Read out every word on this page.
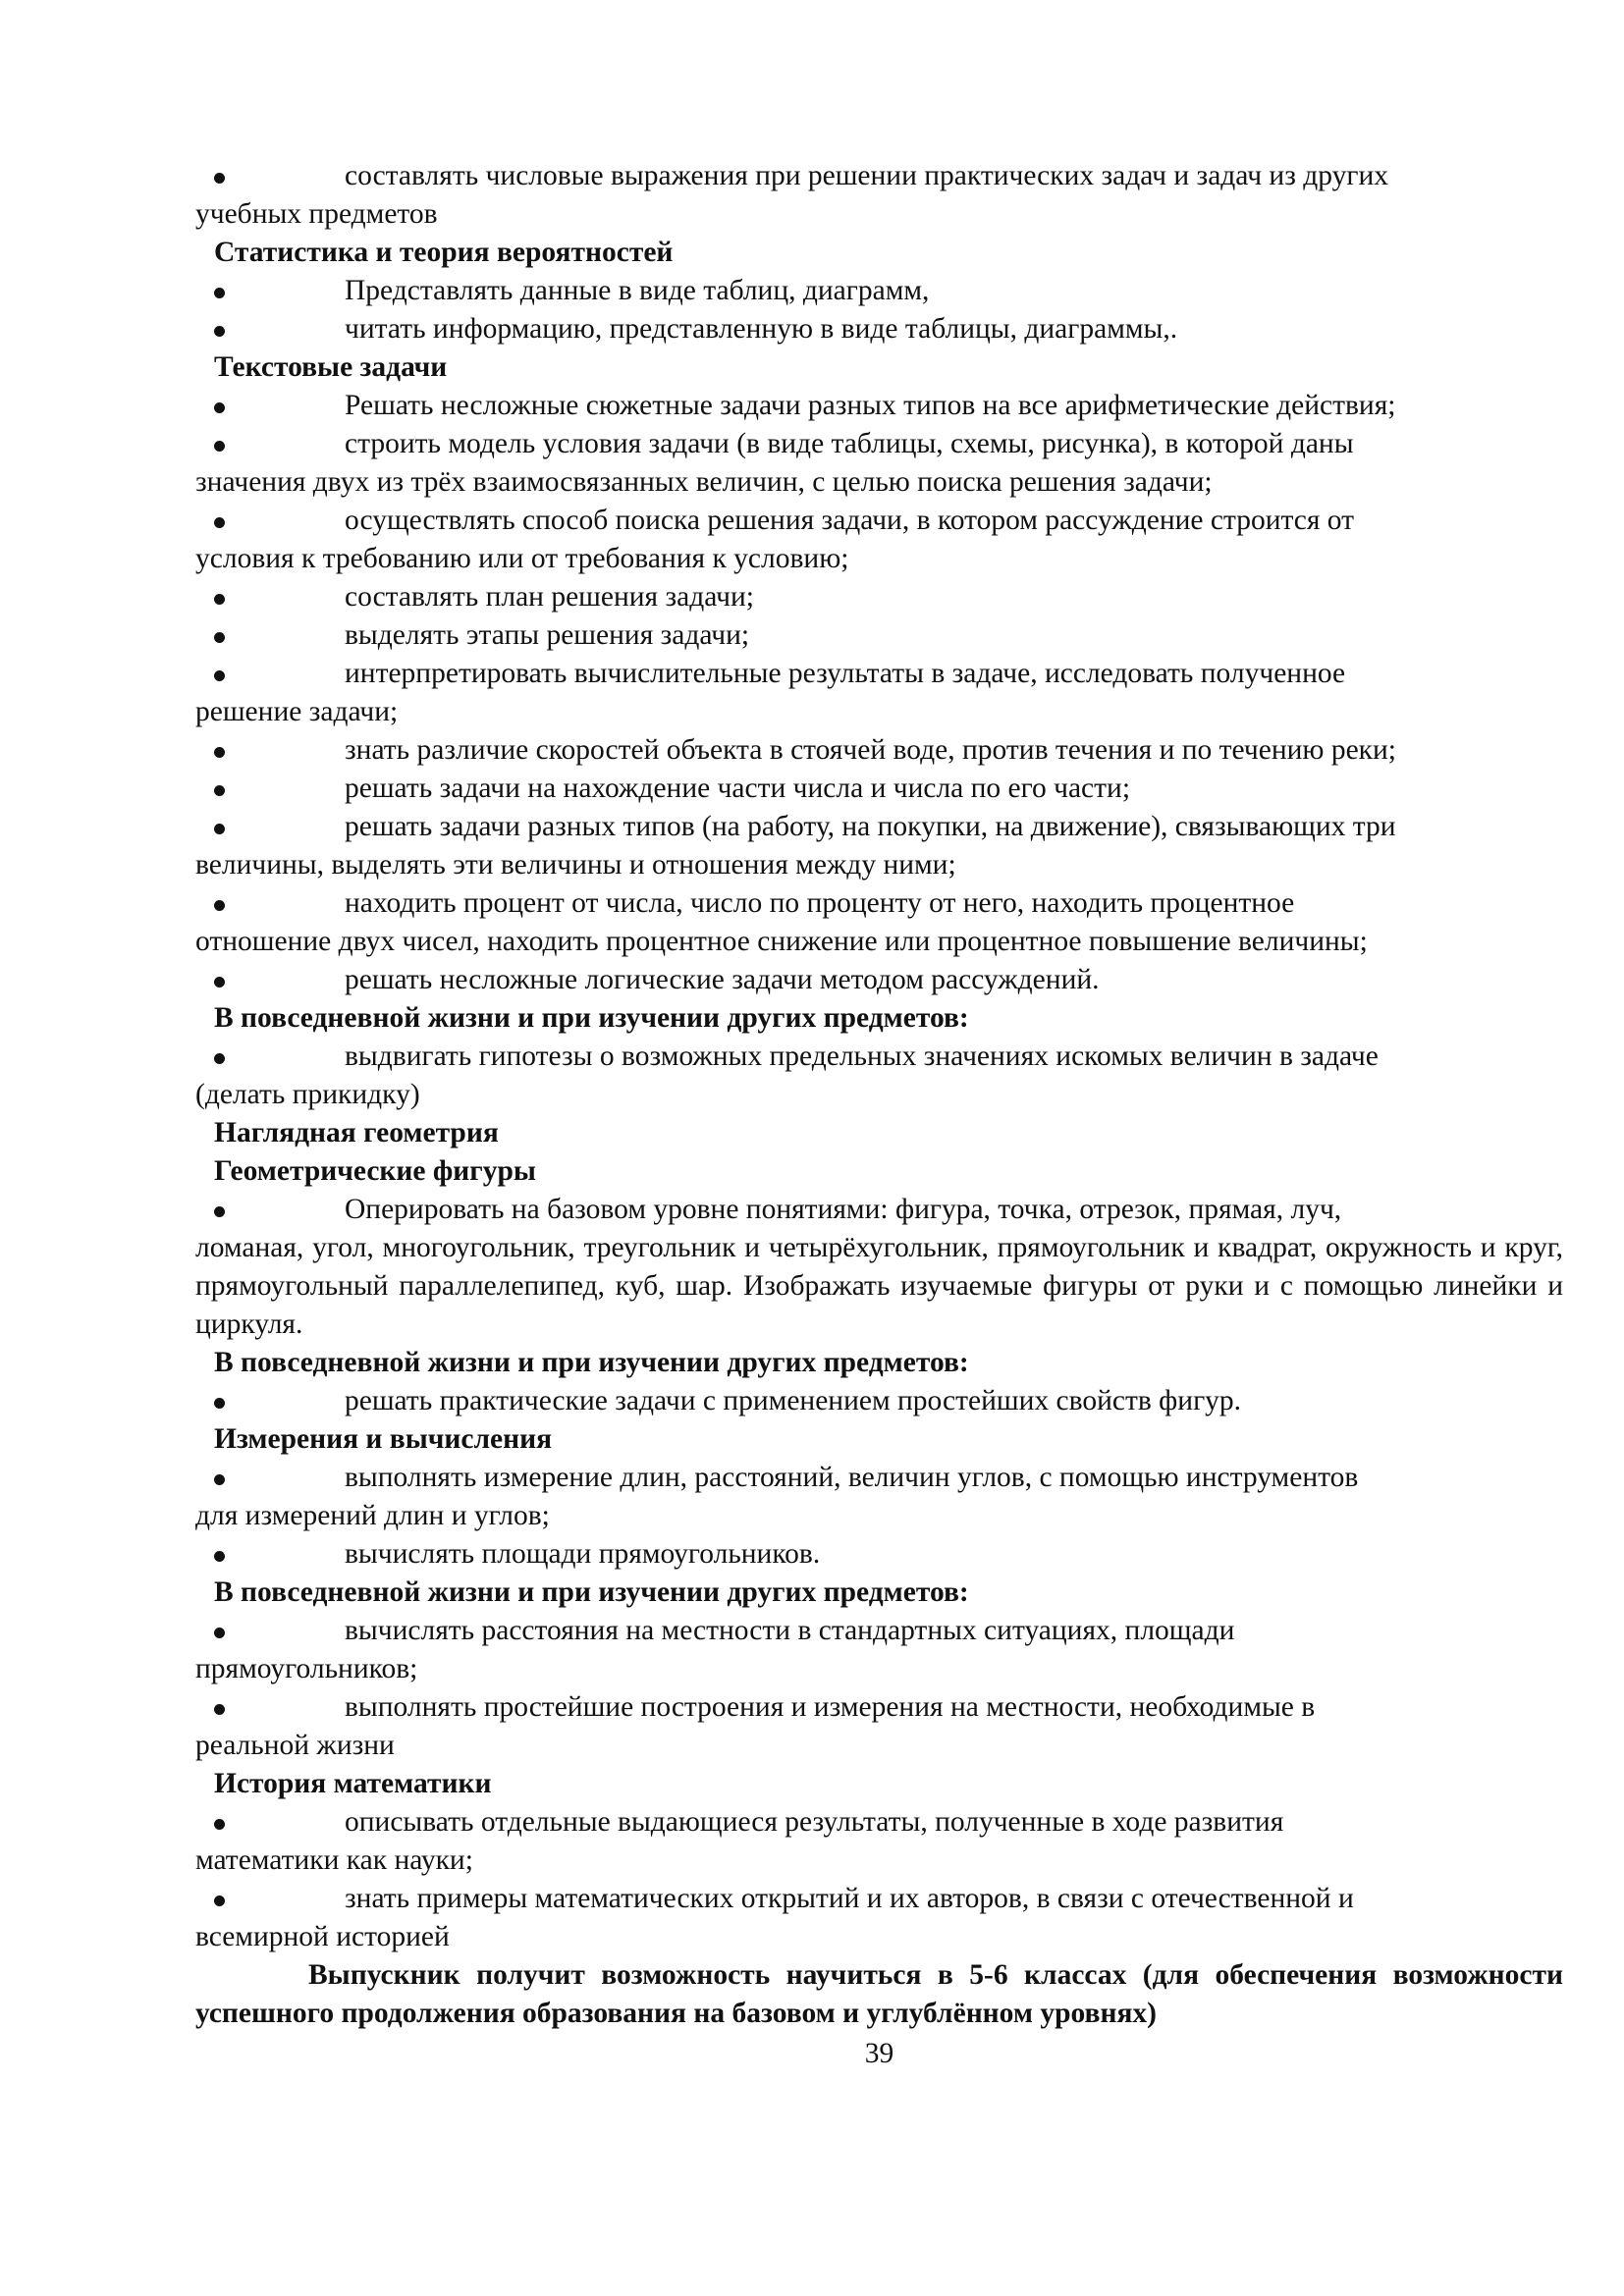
составлять числовые выражения при решении практических задач и задач из других
учебных предметов
Статистика и теория вероятностей
Представлять данные в виде таблиц, диаграмм,
читать информацию, представленную в виде таблицы, диаграммы,.
Текстовые задачи
Решать несложные сюжетные задачи разных типов на все арифметические действия;
строить модель условия задачи (в виде таблицы, схемы, рисунка), в которой даны
значения двух из трёх взаимосвязанных величин, с целью поиска решения задачи;
осуществлять способ поиска решения задачи, в котором рассуждение строится от
условия к требованию или от требования к условию;
составлять план решения задачи;
выделять этапы решения задачи;
интерпретировать вычислительные результаты в задаче, исследовать полученное
решение задачи;
знать различие скоростей объекта в стоячей воде, против течения и по течению реки;
решать задачи на нахождение части числа и числа по его части;
решать задачи разных типов (на работу, на покупки, на движение), связывающих три
величины, выделять эти величины и отношения между ними;
находить процент от числа, число по проценту от него, находить процентное
отношение двух чисел, находить процентное снижение или процентное повышение величины;
решать несложные логические задачи методом рассуждений.
В повседневной жизни и при изучении других предметов:
выдвигать гипотезы о возможных предельных значениях искомых величин в задаче
(делать прикидку)
Наглядная геометрия
Геометрические фигуры
Оперировать на базовом уровне понятиями: фигура, точка, отрезок, прямая, луч,
ломаная, угол, многоугольник, треугольник и четырёхугольник, прямоугольник и квадрат, окружность и круг, прямоугольный параллелепипед, куб, шар. Изображать изучаемые фигуры от руки и с помощью линейки и циркуля.
В повседневной жизни и при изучении других предметов:
решать практические задачи с применением простейших свойств фигур.
Измерения и вычисления
выполнять измерение длин, расстояний, величин углов, с помощью инструментов
для измерений длин и углов;
вычислять площади прямоугольников.
В повседневной жизни и при изучении других предметов:
вычислять расстояния на местности в стандартных ситуациях, площади
прямоугольников;
выполнять простейшие построения и измерения на местности, необходимые в
реальной жизни
История математики
описывать отдельные выдающиеся результаты, полученные в ходе развития
математики как науки;
знать примеры математических открытий и их авторов, в связи с отечественной и
всемирной историей
Выпускник получит возможность научиться в 5-6 классах (для обеспечения возможности успешного продолжения образования на базовом и углублённом уровнях)
39
